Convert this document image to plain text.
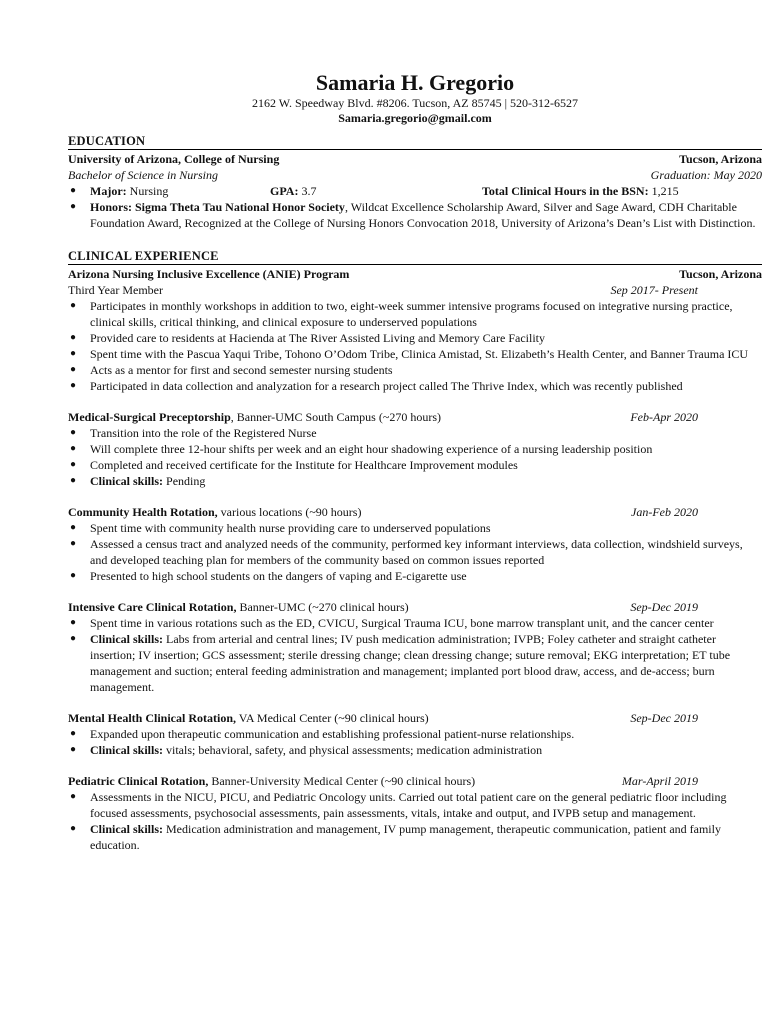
Samaria H. Gregorio
2162 W. Speedway Blvd. #8206. Tucson, AZ 85745 | 520-312-6527
Samaria.gregorio@gmail.com
EDUCATION
University of Arizona, College of Nursing	Tucson, Arizona
Bachelor of Science in Nursing	Graduation: May 2020
● Major: Nursing	GPA: 3.7	Total Clinical Hours in the BSN: 1,215
● Honors: Sigma Theta Tau National Honor Society, Wildcat Excellence Scholarship Award, Silver and Sage Award, CDH Charitable Foundation Award, Recognized at the College of Nursing Honors Convocation 2018, University of Arizona’s Dean’s List with Distinction.
CLINICAL EXPERIENCE
Arizona Nursing Inclusive Excellence (ANIE) Program	Tucson, Arizona
Third Year Member	Sep 2017- Present
● Participates in monthly workshops in addition to two, eight-week summer intensive programs focused on integrative nursing practice, clinical skills, critical thinking, and clinical exposure to underserved populations
● Provided care to residents at Hacienda at The River Assisted Living and Memory Care Facility
● Spent time with the Pascua Yaqui Tribe, Tohono O’Odom Tribe, Clinica Amistad, St. Elizabeth’s Health Center, and Banner Trauma ICU
● Acts as a mentor for first and second semester nursing students
● Participated in data collection and analyzation for a research project called The Thrive Index, which was recently published
Medical-Surgical Preceptorship, Banner-UMC South Campus (~270 hours)	Feb-Apr 2020
● Transition into the role of the Registered Nurse
● Will complete three 12-hour shifts per week and an eight hour shadowing experience of a nursing leadership position
● Completed and received certificate for the Institute for Healthcare Improvement modules
● Clinical skills: Pending
Community Health Rotation, various locations (~90 hours)	Jan-Feb 2020
● Spent time with community health nurse providing care to underserved populations
● Assessed a census tract and analyzed needs of the community, performed key informant interviews, data collection, windshield surveys, and developed teaching plan for members of the community based on common issues reported
● Presented to high school students on the dangers of vaping and E-cigarette use
Intensive Care Clinical Rotation, Banner-UMC (~270 clinical hours)	Sep-Dec 2019
● Spent time in various rotations such as the ED, CVICU, Surgical Trauma ICU, bone marrow transplant unit, and the cancer center
● Clinical skills: Labs from arterial and central lines; IV push medication administration; IVPB; Foley catheter and straight catheter insertion; IV insertion; GCS assessment; sterile dressing change; clean dressing change; suture removal; EKG interpretation; ET tube management and suction; enteral feeding administration and management; implanted port blood draw, access, and de-access; burn management.
Mental Health Clinical Rotation, VA Medical Center (~90 clinical hours)	Sep-Dec 2019
● Expanded upon therapeutic communication and establishing professional patient-nurse relationships.
● Clinical skills: vitals; behavioral, safety, and physical assessments; medication administration
Pediatric Clinical Rotation, Banner-University Medical Center (~90 clinical hours)	Mar-April 2019
● Assessments in the NICU, PICU, and Pediatric Oncology units. Carried out total patient care on the general pediatric floor including focused assessments, psychosocial assessments, pain assessments, vitals, intake and output, and IVPB setup and management.
● Clinical skills: Medication administration and management, IV pump management, therapeutic communication, patient and family education.
